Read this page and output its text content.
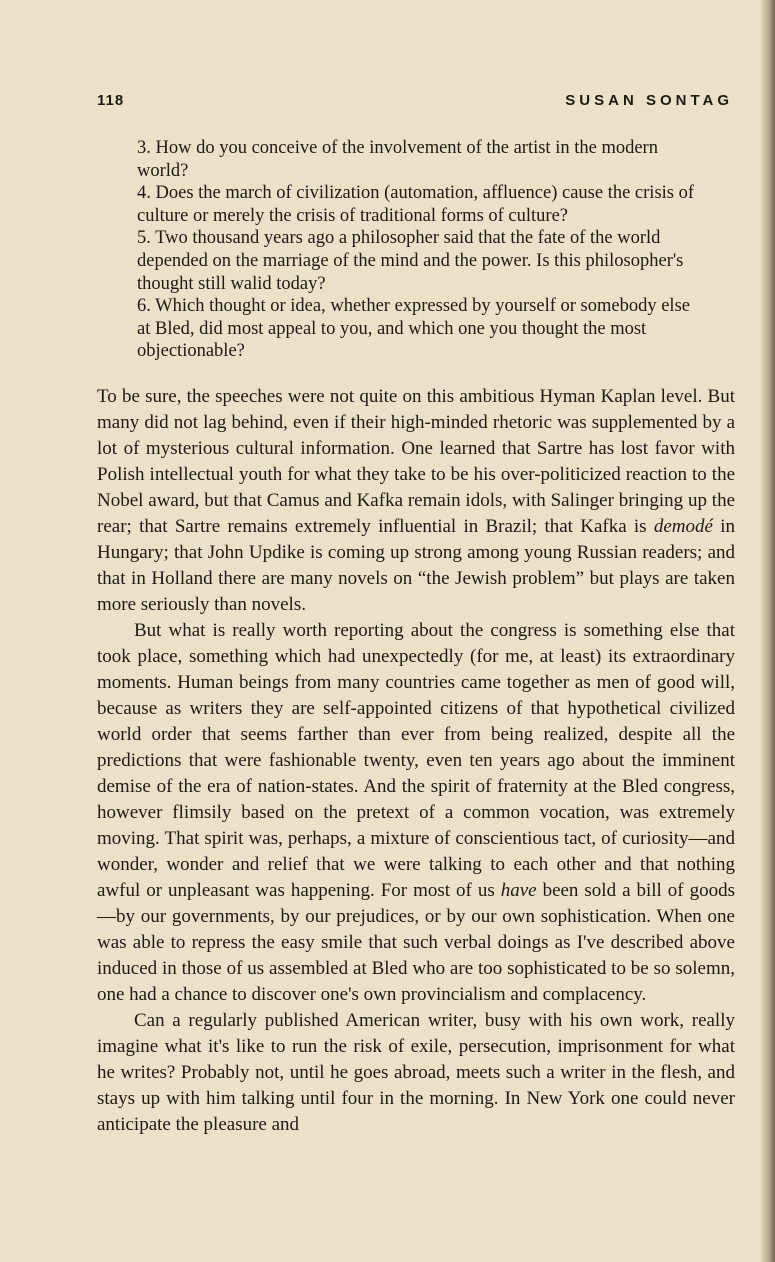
118	SUSAN SONTAG

3. How do you conceive of the involvement of the artist in the modern world?

4. Does the march of civilization (automation, affluence) cause the crisis of culture or merely the crisis of traditional forms of culture?

5. Two thousand years ago a philosopher said that the fate of the world depended on the marriage of the mind and the power. Is this philosopher's thought still walid today?

6. Which thought or idea, whether expressed by yourself or somebody else at Bled, did most appeal to you, and which one you thought the most objectionable?

To be sure, the speeches were not quite on this ambitious Hyman Kaplan level. But many did not lag behind, even if their high-minded rhetoric was supplemented by a lot of mysterious cultural information. One learned that Sartre has lost favor with Polish intellectual youth for what they take to be his over-politicized reaction to the Nobel award, but that Camus and Kafka remain idols, with Salinger bringing up the rear; that Sartre remains extremely influential in Brazil; that Kafka is demodé in Hungary; that John Updike is coming up strong among young Russian readers; and that in Holland there are many novels on “the Jewish problem” but plays are taken more seriously than novels.

But what is really worth reporting about the congress is something else that took place, something which had unexpectedly (for me, at least) its extraordinary moments. Human beings from many countries came together as men of good will, because as writers they are self-appointed citizens of that hypothetical civilized world order that seems farther than ever from being realized, despite all the predictions that were fashionable twenty, even ten years ago about the imminent demise of the era of nation-states. And the spirit of fraternity at the Bled congress, however flimsily based on the pretext of a common vocation, was extremely moving. That spirit was, perhaps, a mixture of conscientious tact, of curiosity—and wonder, wonder and relief that we were talking to each other and that nothing awful or unpleasant was happening. For most of us have been sold a bill of goods—by our governments, by our prejudices, or by our own sophistication. When one was able to repress the easy smile that such verbal doings as I've described above induced in those of us assembled at Bled who are too sophisticated to be so solemn, one had a chance to discover one's own provincialism and complacency.

Can a regularly published American writer, busy with his own work, really imagine what it's like to run the risk of exile, persecution, imprisonment for what he writes? Probably not, until he goes abroad, meets such a writer in the flesh, and stays up with him talking until four in the morning. In New York one could never anticipate the pleasure and
